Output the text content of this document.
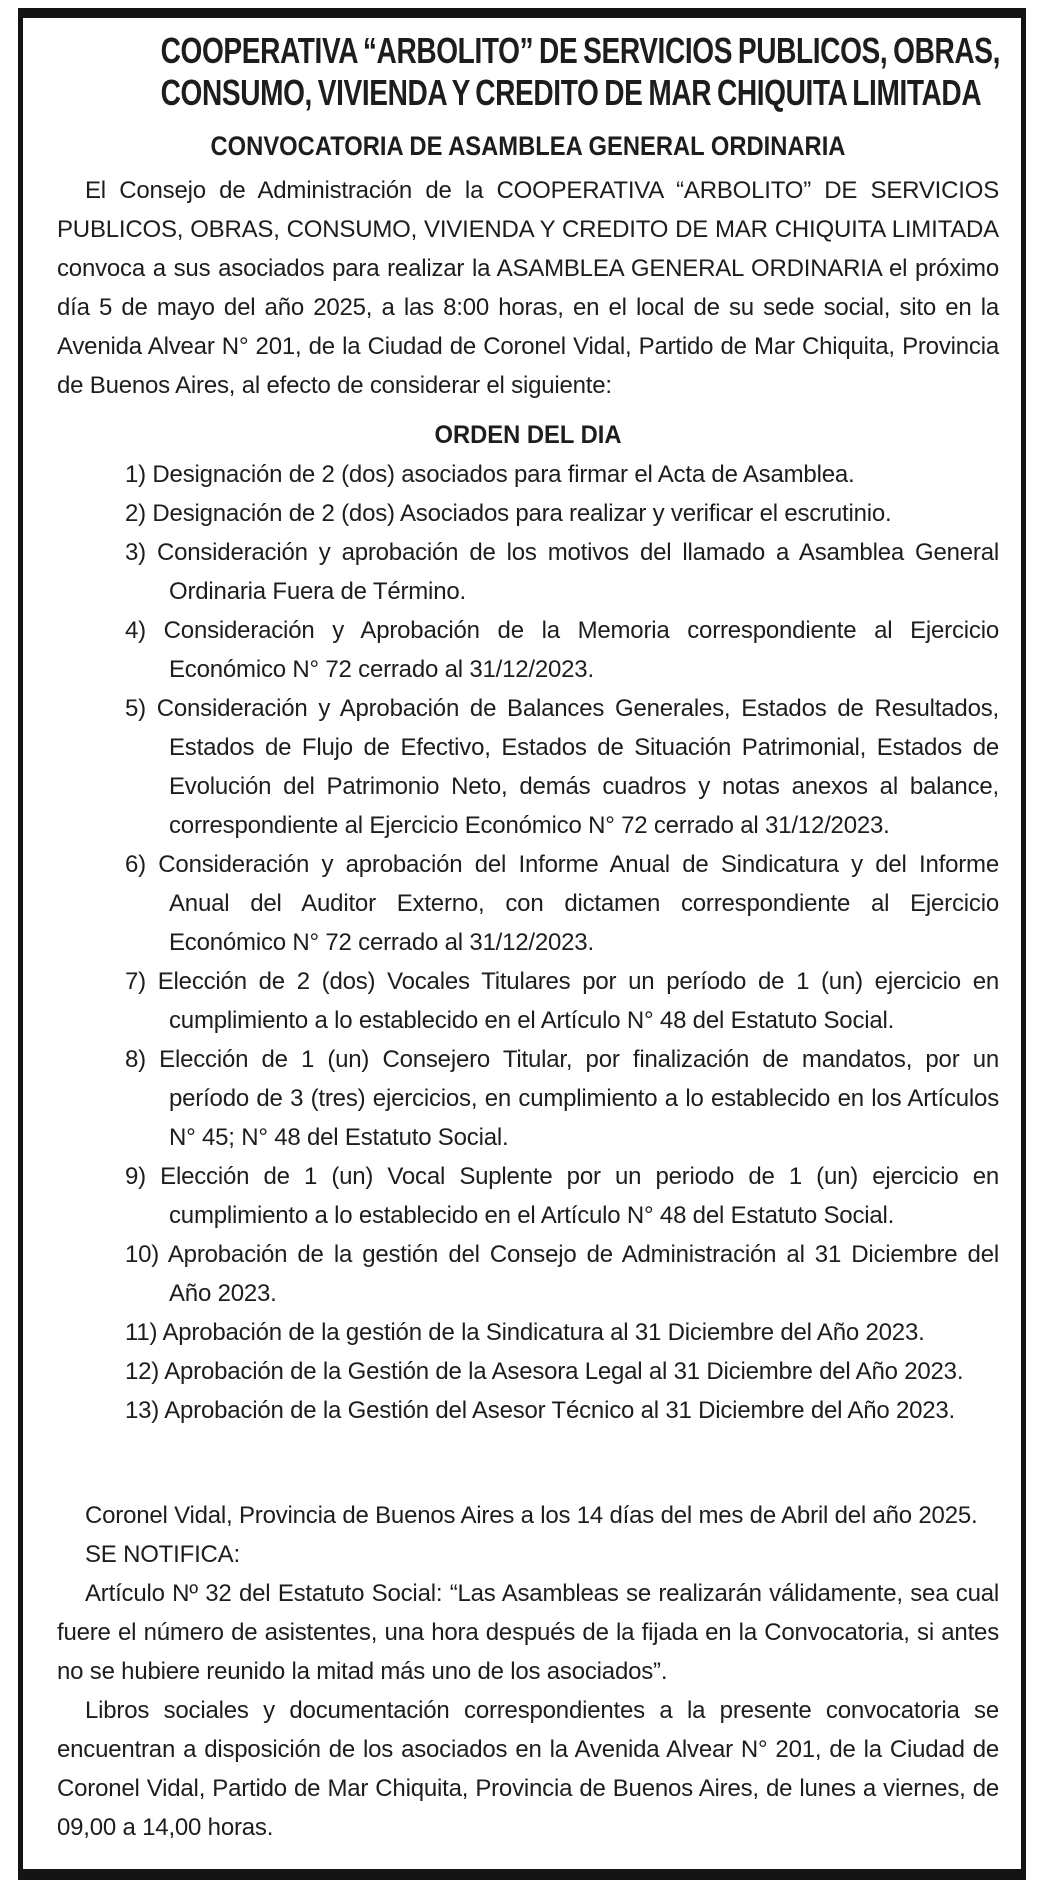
COOPERATIVA “ARBOLITO” DE SERVICIOS PUBLICOS, OBRAS,
CONSUMO, VIVIENDA Y CREDITO DE MAR CHIQUITA LIMITADA
CONVOCATORIA DE ASAMBLEA GENERAL ORDINARIA

El Consejo de Administración de la COOPERATIVA “ARBOLITO” DE SERVICIOS PUBLICOS, OBRAS, CONSUMO, VIVIENDA Y CREDITO DE MAR CHIQUITA LIMITADA convoca a sus asociados para realizar la ASAMBLEA GENERAL ORDINARIA el próximo día 5 de mayo del año 2025, a las 8:00 horas, en el local de su sede social, sito en la Avenida Alvear N° 201, de la Ciudad de Coronel Vidal, Partido de Mar Chiquita, Provincia de Buenos Aires, al efecto de considerar el siguiente:

ORDEN DEL DIA
1) Designación de 2 (dos) asociados para firmar el Acta de Asamblea.
2) Designación de 2 (dos) Asociados para realizar y verificar el escrutinio.
3) Consideración y aprobación de los motivos del llamado a Asamblea General Ordinaria Fuera de Término.
4) Consideración y Aprobación de la Memoria correspondiente al Ejercicio Económico N° 72 cerrado al 31/12/2023.
5) Consideración y Aprobación de Balances Generales, Estados de Resultados, Estados de Flujo de Efectivo, Estados de Situación Patrimonial, Estados de Evolución del Patrimonio Neto, demás cuadros y notas anexos al balance, correspondiente al Ejercicio Económico N° 72 cerrado al 31/12/2023.
6) Consideración y aprobación del Informe Anual de Sindicatura y del Informe Anual del Auditor Externo, con dictamen correspondiente al Ejercicio Económico N° 72 cerrado al 31/12/2023.
7) Elección de 2 (dos) Vocales Titulares por un período de 1 (un) ejercicio en cumplimiento a lo establecido en el Artículo N° 48 del Estatuto Social.
8) Elección de 1 (un) Consejero Titular, por finalización de mandatos, por un período de 3 (tres) ejercicios, en cumplimiento a lo establecido en los Artículos N° 45; N° 48 del Estatuto Social.
9) Elección de 1 (un) Vocal Suplente por un periodo de 1 (un) ejercicio en cumplimiento a lo establecido en el Artículo N° 48 del Estatuto Social.
10) Aprobación de la gestión del Consejo de Administración al 31 Diciembre del Año 2023.
11) Aprobación de la gestión de la Sindicatura al 31 Diciembre del Año 2023.
12) Aprobación de la Gestión de la Asesora Legal al 31 Diciembre del Año 2023.
13) Aprobación de la Gestión del Asesor Técnico al 31 Diciembre del Año 2023.

Coronel Vidal, Provincia de Buenos Aires a los 14 días del mes de Abril del año 2025.

SE NOTIFICA:

Artículo Nº 32 del Estatuto Social: “Las Asambleas se realizarán válidamente, sea cual fuere el número de asistentes, una hora después de la fijada en la Convocatoria, si antes no se hubiere reunido la mitad más uno de los asociados”.

Libros sociales y documentación correspondientes a la presente convocatoria se encuentran a disposición de los asociados en la Avenida Alvear N° 201, de la Ciudad de Coronel Vidal, Partido de Mar Chiquita, Provincia de Buenos Aires, de lunes a viernes, de 09,00 a 14,00 horas.
